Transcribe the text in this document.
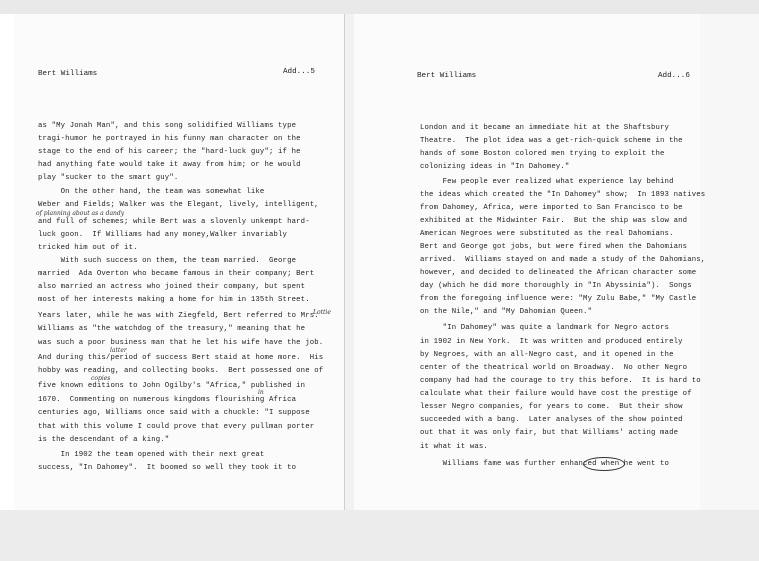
Bert Williams	Add...5
as "My Jonah Man", and this song solidified Williams type
tragi-humor he portrayed in his funny man character on the
stage to the end of his career; the "hard-luck guy"; if he
had anything fate would take it away from him; or he would
play "sucker to the smart guy".
On the other hand, the team was somewhat like
Weber and Fields; Walker was the Elegant, lively, intelligent,
and full of schemes; while Bert was a slovenly unkempt hard-
luck goon.  If Williams had any money,Walker invariably
tricked him out of it.
With such success on them, the team married.  George
married  Ada Overton who became famous in their company; Bert
also married an actress who joined their company, but spent
most of her interests making a home for him in 135th Street.
Years later, while he was with Ziegfeld, Bert referred to Mrs.
Williams as "the watchdog of the treasury," meaning that he
was such a poor business man that he let his wife have the job.
And during this/period of success Bert staid at home more.  His
hobby was reading, and collecting books.  Bert possessed one of
five known editions to John Ogilby's "Africa," published in
1670.  Commenting on numerous kingdoms flourishing Africa
centuries ago, Williams once said with a chuckle: "I suppose
that with this volume I could prove that every pullman porter
is the descendant of a king."
In 1902 the team opened with their next great
success, "In Dahomey".  It boomed so well they took it to
of planning about as a dandy
Lottie
latter
copies
in
Bert Williams	Add...6
London and it became an immediate hit at the Shaftsbury
Theatre.  The plot idea was a get-rich-quick scheme in the
hands of some Boston colored men trying to exploit the
colonizing ideas in "In Dahomey."
Few people ever realized what experience lay behind
the ideas which created the "In Dahomey" show;  In 1893 natives
from Dahomey, Africa, were imported to San Francisco to be
exhibited at the Midwinter Fair.  But the ship was slow and
American Negroes were substituted as the real Dahomians.
Bert and George got jobs, but were fired when the Dahomians
arrived.  Williams stayed on and made a study of the Dahomians,
however, and decided to delineated the African character some
day (which he did more thoroughly in "In Abyssinia").  Songs
from the foregoing influence were: "My Zulu Babe," "My Castle
on the Nile," and "My Dahomian Queen."
"In Dahomey" was quite a landmark for Negro actors
in 1902 in New York.  It was written and produced entirely
by Negroes, with an all-Negro cast, and it opened in the
center of the theatrical world on Broadway.  No other Negro
company had had the courage to try this before.  It is hard to
calculate what their failure would have cost the prestige of
lesser Negro companies, for years to come.  But their show
succeeded with a bang.  Later analyses of the show pointed
out that it was only fair, but that Williams' acting made
it what it was.
Williams fame was further enhanced when he went to
